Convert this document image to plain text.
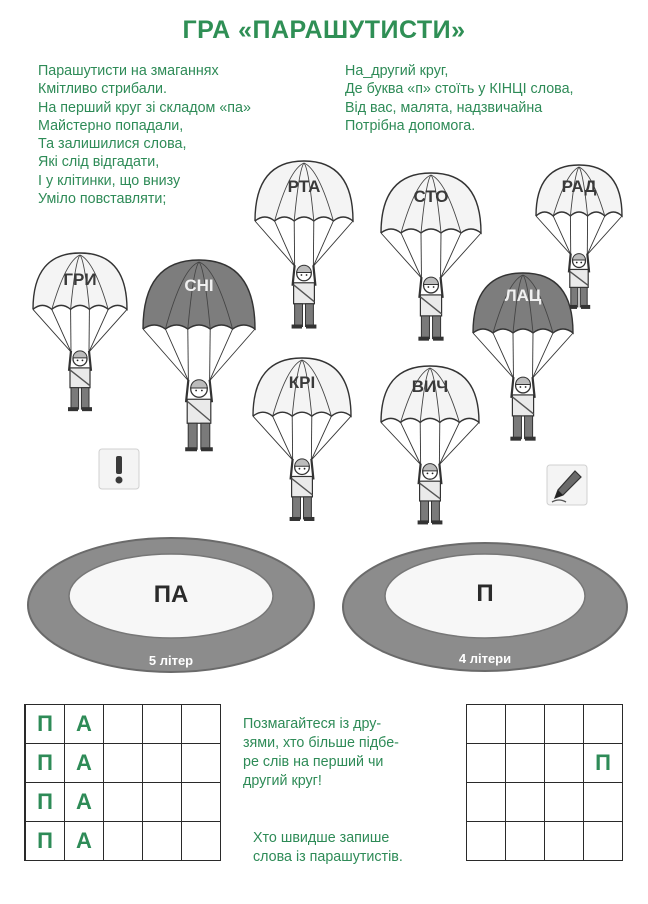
ГРА «ПАРАШУТИСТИ»
Парашутисти на змаганнях
Кмітливо стрибали.
На перший круг зі складом «па»
Майстерно попадали,
Та залишилися слова,
Які слід відгадати,
І у клітинки, що внизу
Уміло повставляти;
На_другий круг,
Де буква «п» стоїть у КІНЦІ слова,
Від вас, малята, надзвичайна
Потрібна допомога.
ГРИ	СНІ
РТА
СТО
РАД
ЛАЦ
КРІ	ВИЧ
ПА
5 літер
П
4 літери
П	А			
П	А			
П	А			
П	А			
Позмагайтеся із дру-
зями, хто більше підбе-
ре слів на перший чи
другий круг!
Хто швидше запише
слова із парашутистів.

			П
